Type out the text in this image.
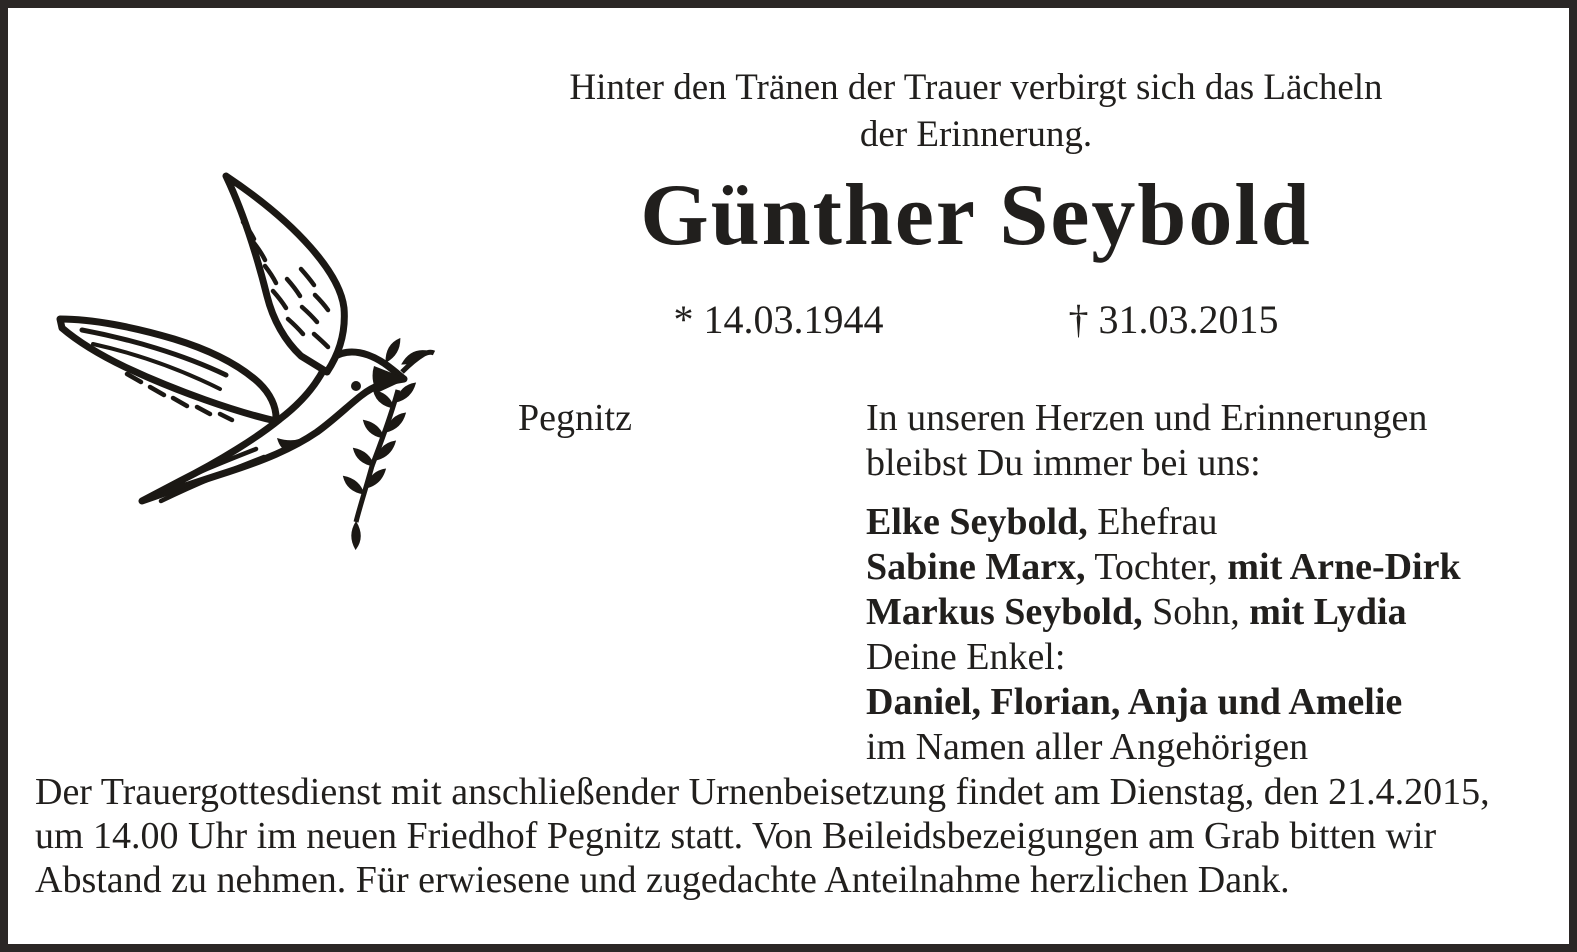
Hinter den Tränen der Trauer verbirgt sich das Lächeln
der Erinnerung.
Günther Seybold
* 14.03.1944	† 31.03.2015
Pegnitz	In unseren Herzen und Erinnerungen
bleibst Du immer bei uns:
Elke Seybold, Ehefrau
Sabine Marx, Tochter, mit Arne-Dirk
Markus Seybold, Sohn, mit Lydia
Deine Enkel:
Daniel, Florian, Anja und Amelie
im Namen aller Angehörigen
Der Trauergottesdienst mit anschließender Urnenbeisetzung findet am Dienstag, den 21.4.2015,
um 14.00 Uhr im neuen Friedhof Pegnitz statt. Von Beileidsbezeigungen am Grab bitten wir
Abstand zu nehmen. Für erwiesene und zugedachte Anteilnahme herzlichen Dank.
